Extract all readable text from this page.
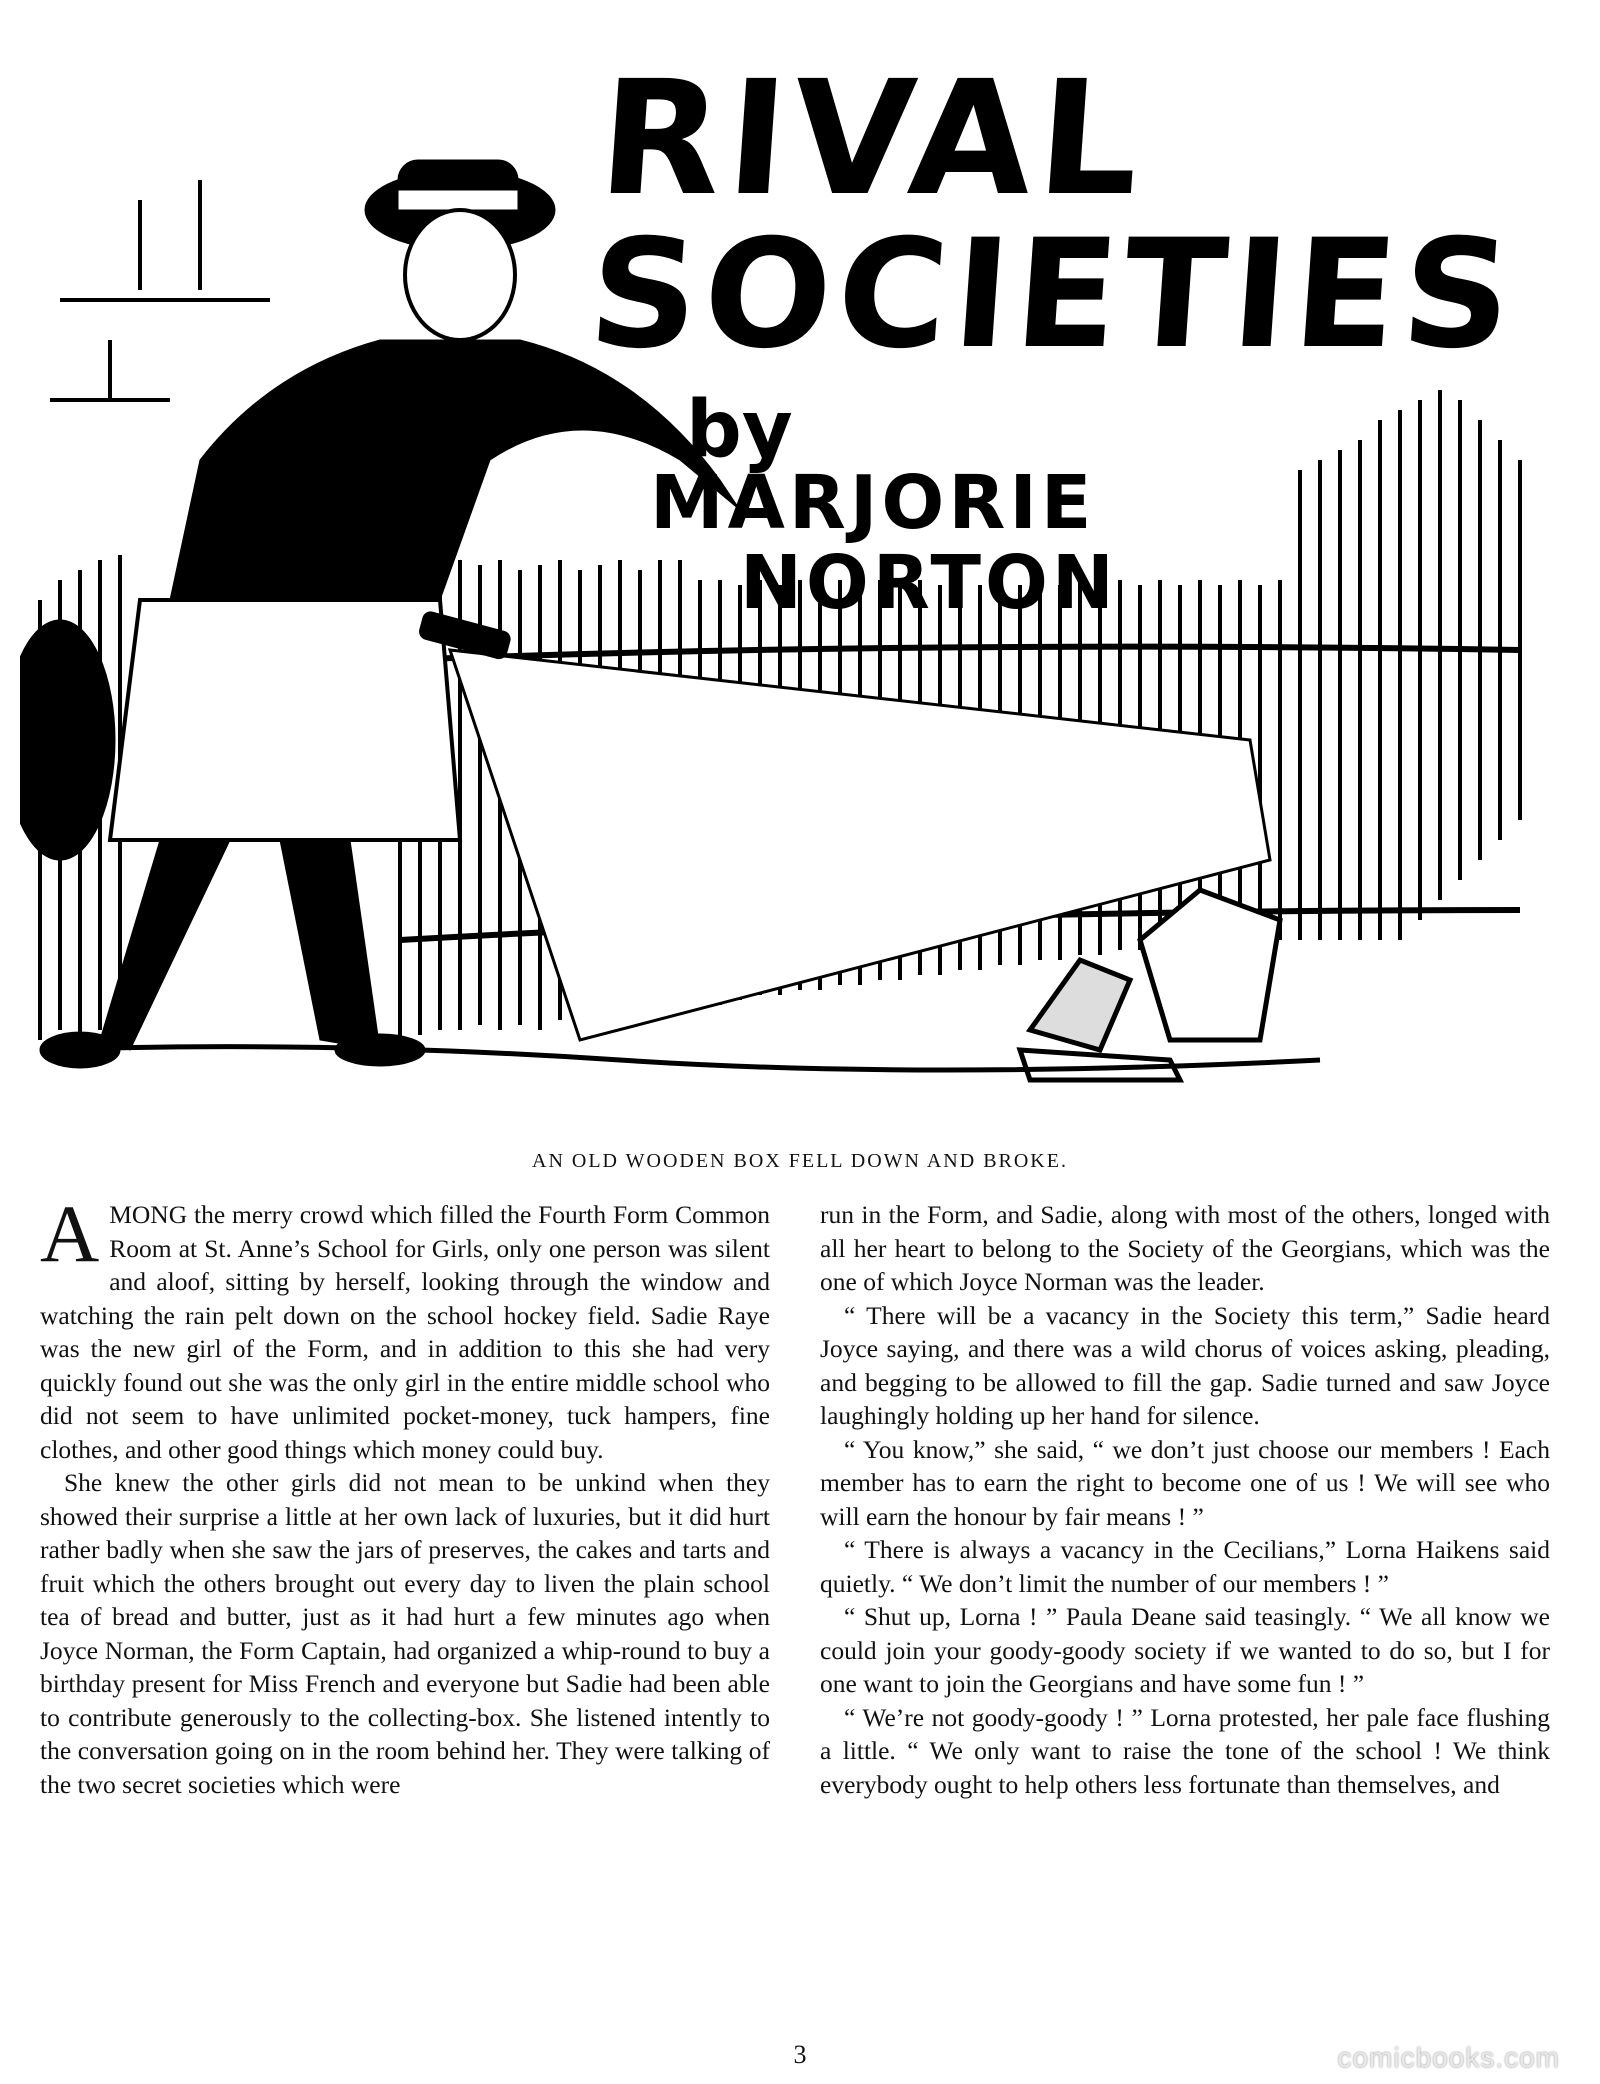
RIVAL
SOCIETIES
by
MARJORIE
NORTON
AN OLD WOODEN BOX FELL DOWN AND BROKE.

AMONG the merry crowd which filled the Fourth Form Common Room at St. Anne’s School for Girls, only one person was silent and aloof, sitting by herself, looking through the window and watching the rain pelt down on the school hockey field. Sadie Raye was the new girl of the Form, and in addition to this she had very quickly found out she was the only girl in the entire middle school who did not seem to have unlimited pocket-money, tuck hampers, fine clothes, and other good things which money could buy.

She knew the other girls did not mean to be unkind when they showed their surprise a little at her own lack of luxuries, but it did hurt rather badly when she saw the jars of preserves, the cakes and tarts and fruit which the others brought out every day to liven the plain school tea of bread and butter, just as it had hurt a few minutes ago when Joyce Norman, the Form Captain, had organized a whip-round to buy a birthday present for Miss French and everyone but Sadie had been able to contribute generously to the collecting-box. She listened intently to the conversation going on in the room behind her. They were talking of the two secret societies which were

run in the Form, and Sadie, along with most of the others, longed with all her heart to belong to the Society of the Georgians, which was the one of which Joyce Norman was the leader.

“ There will be a vacancy in the Society this term,” Sadie heard Joyce saying, and there was a wild chorus of voices asking, pleading, and begging to be allowed to fill the gap. Sadie turned and saw Joyce laughingly holding up her hand for silence.

“ You know,” she said, “ we don’t just choose our members ! Each member has to earn the right to become one of us ! We will see who will earn the honour by fair means ! ”

“ There is always a vacancy in the Cecilians,” Lorna Haikens said quietly. “ We don’t limit the number of our members ! ”

“ Shut up, Lorna ! ” Paula Deane said teasingly. “ We all know we could join your goody-goody society if we wanted to do so, but I for one want to join the Georgians and have some fun ! ”

“ We’re not goody-goody ! ” Lorna protested, her pale face flushing a little. “ We only want to raise the tone of the school ! We think everybody ought to help others less fortunate than themselves, and

3	comicbooks.com
